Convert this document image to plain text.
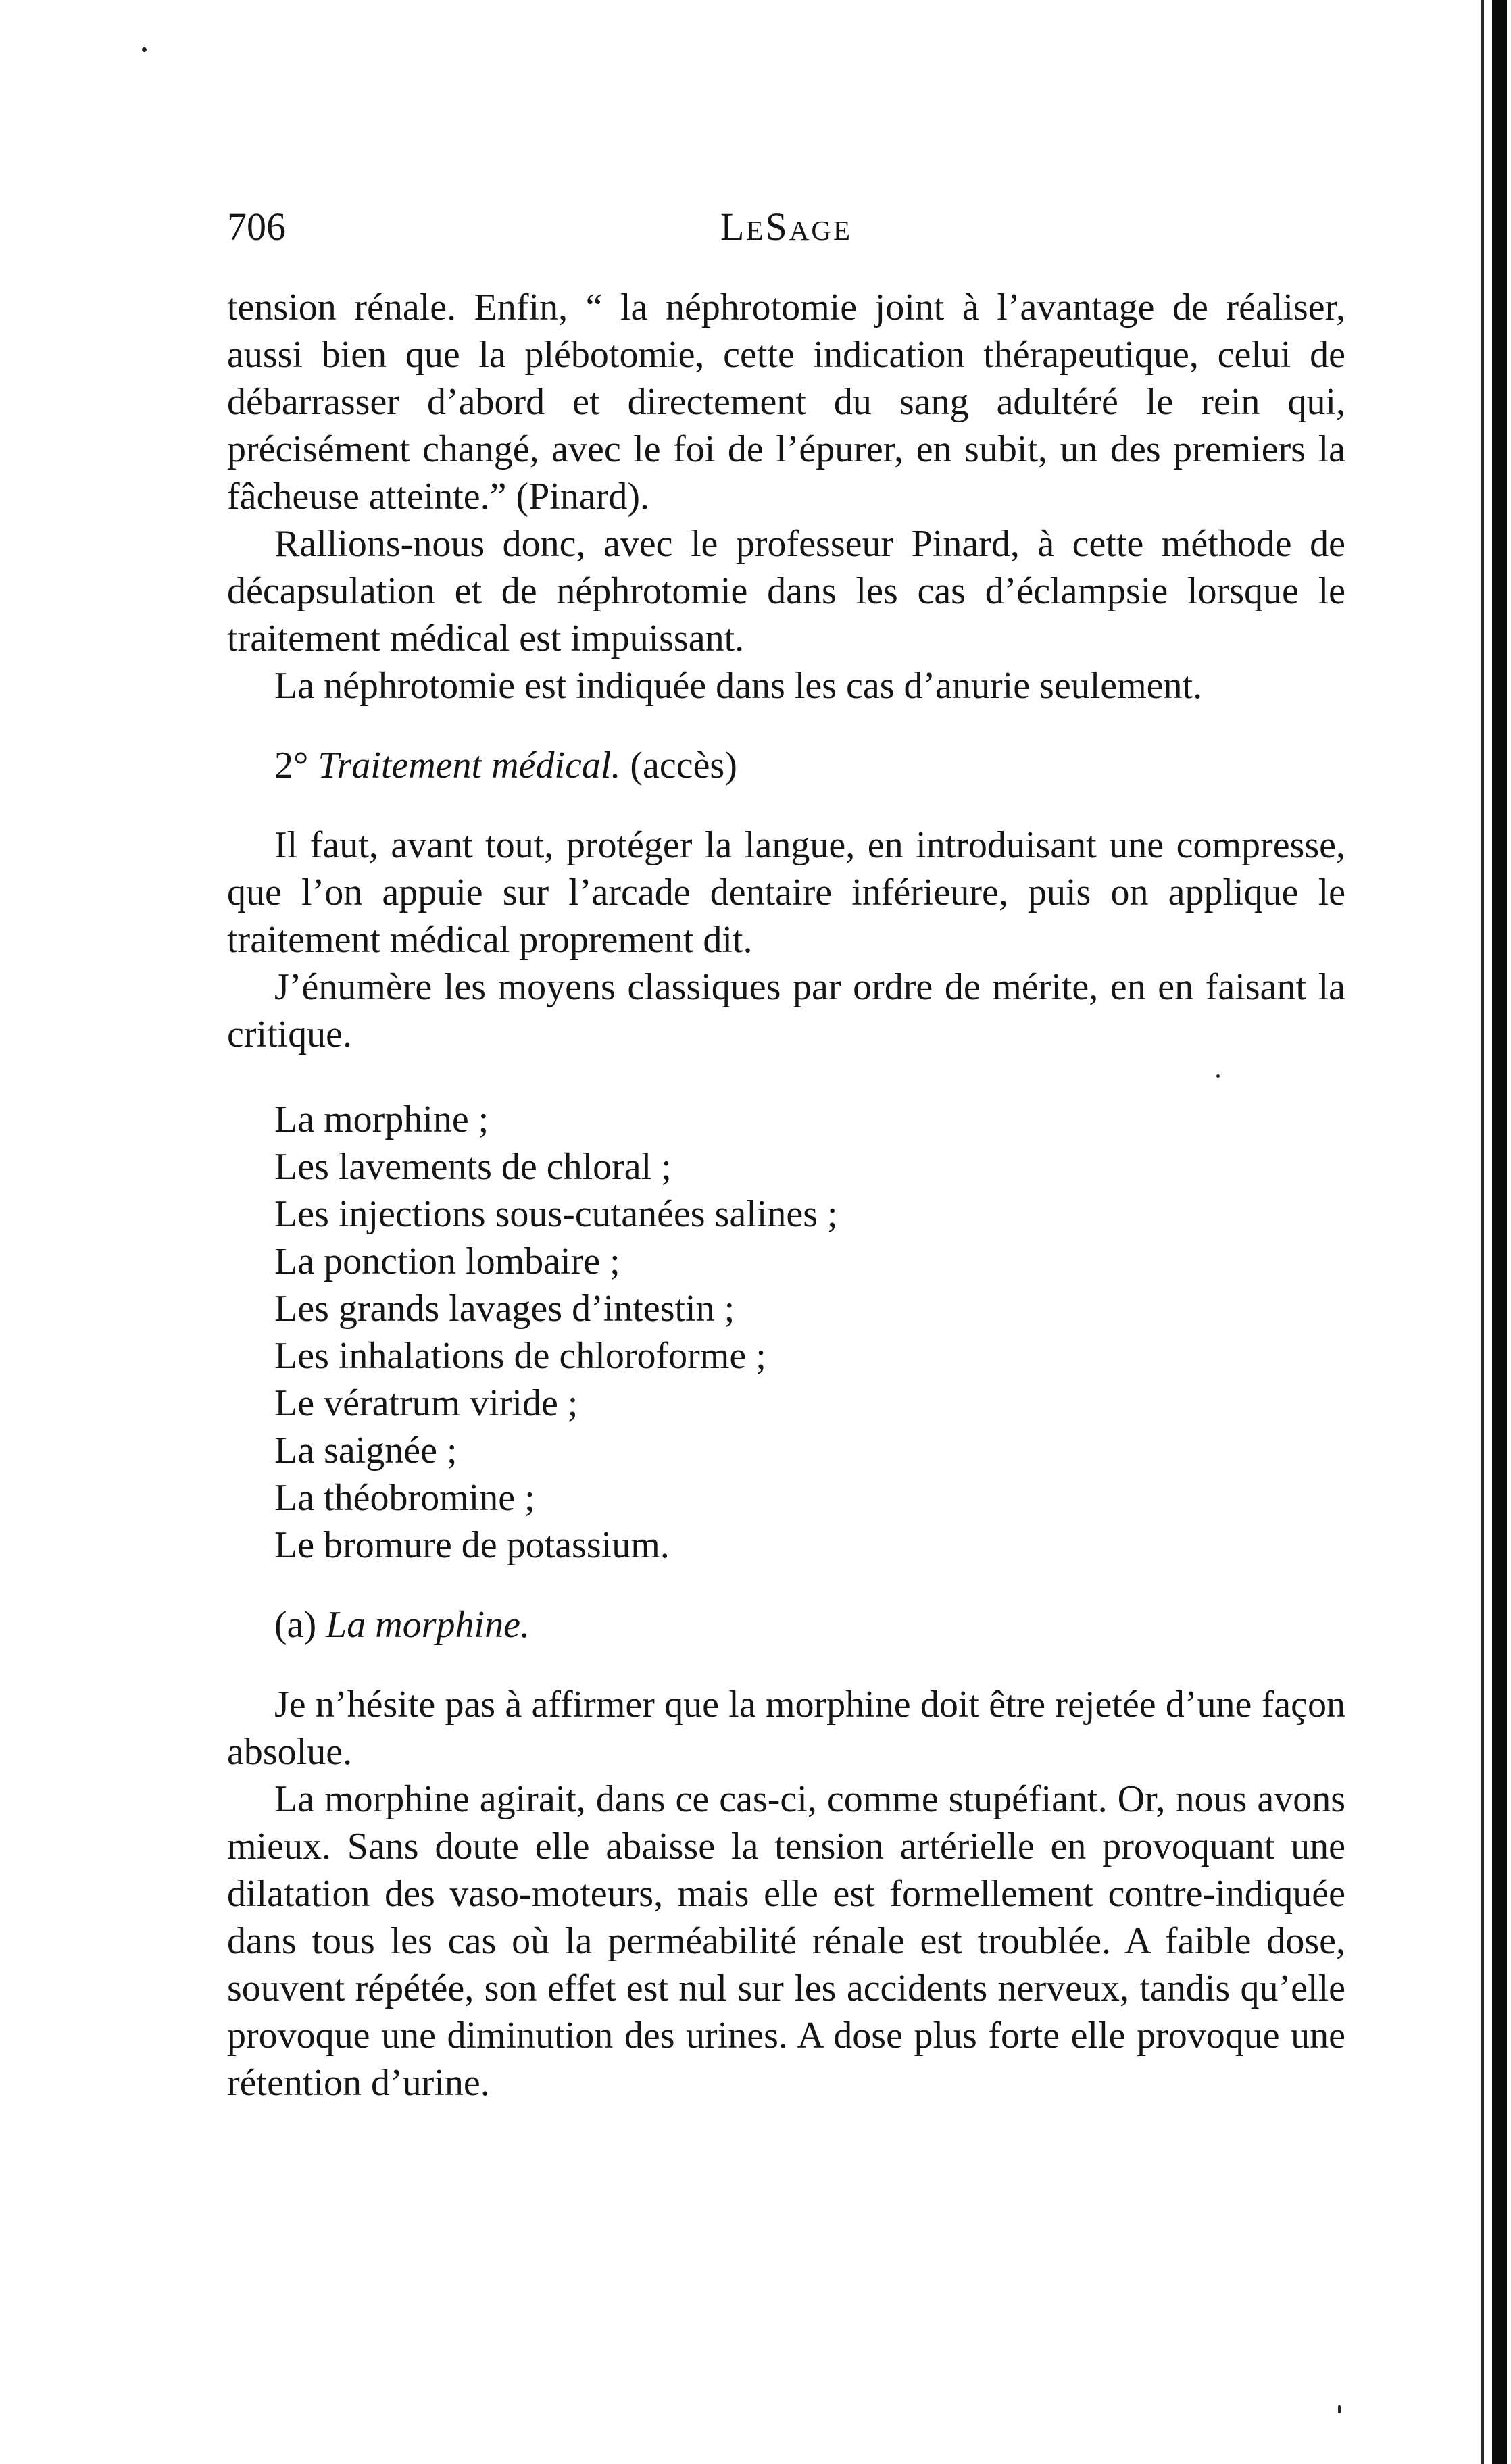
706	LeSage

tension rénale. Enfin, “ la néphrotomie joint à l’avantage de réaliser, aussi bien que la plébotomie, cette indication thérapeutique, celui de débarrasser d’abord et directement du sang adultéré le rein qui, précisément changé, avec le foi de l’épurer, en subit, un des premiers la fâcheuse atteinte.” (Pinard).

Rallions-nous donc, avec le professeur Pinard, à cette méthode de décapsulation et de néphrotomie dans les cas d’éclampsie lorsque le traitement médical est impuissant.

La néphrotomie est indiquée dans les cas d’anurie seulement.

2° Traitement médical. (accès)

Il faut, avant tout, protéger la langue, en introduisant une compresse, que l’on appuie sur l’arcade dentaire inférieure, puis on applique le traitement médical proprement dit.

J’énumère les moyens classiques par ordre de mérite, en en faisant la critique.

La morphine ;
Les lavements de chloral ;
Les injections sous-cutanées salines ;
La ponction lombaire ;
Les grands lavages d’intestin ;
Les inhalations de chloroforme ;
Le vératrum viride ;
La saignée ;
La théobromine ;
Le bromure de potassium.

(a) La morphine.

Je n’hésite pas à affirmer que la morphine doit être rejetée d’une façon absolue.

La morphine agirait, dans ce cas-ci, comme stupéfiant. Or, nous avons mieux. Sans doute elle abaisse la tension artérielle en provoquant une dilatation des vaso-moteurs, mais elle est formellement contre-indiquée dans tous les cas où la perméabilité rénale est troublée. A faible dose, souvent répétée, son effet est nul sur les accidents nerveux, tandis qu’elle provoque une diminution des urines. A dose plus forte elle provoque une rétention d’urine.
